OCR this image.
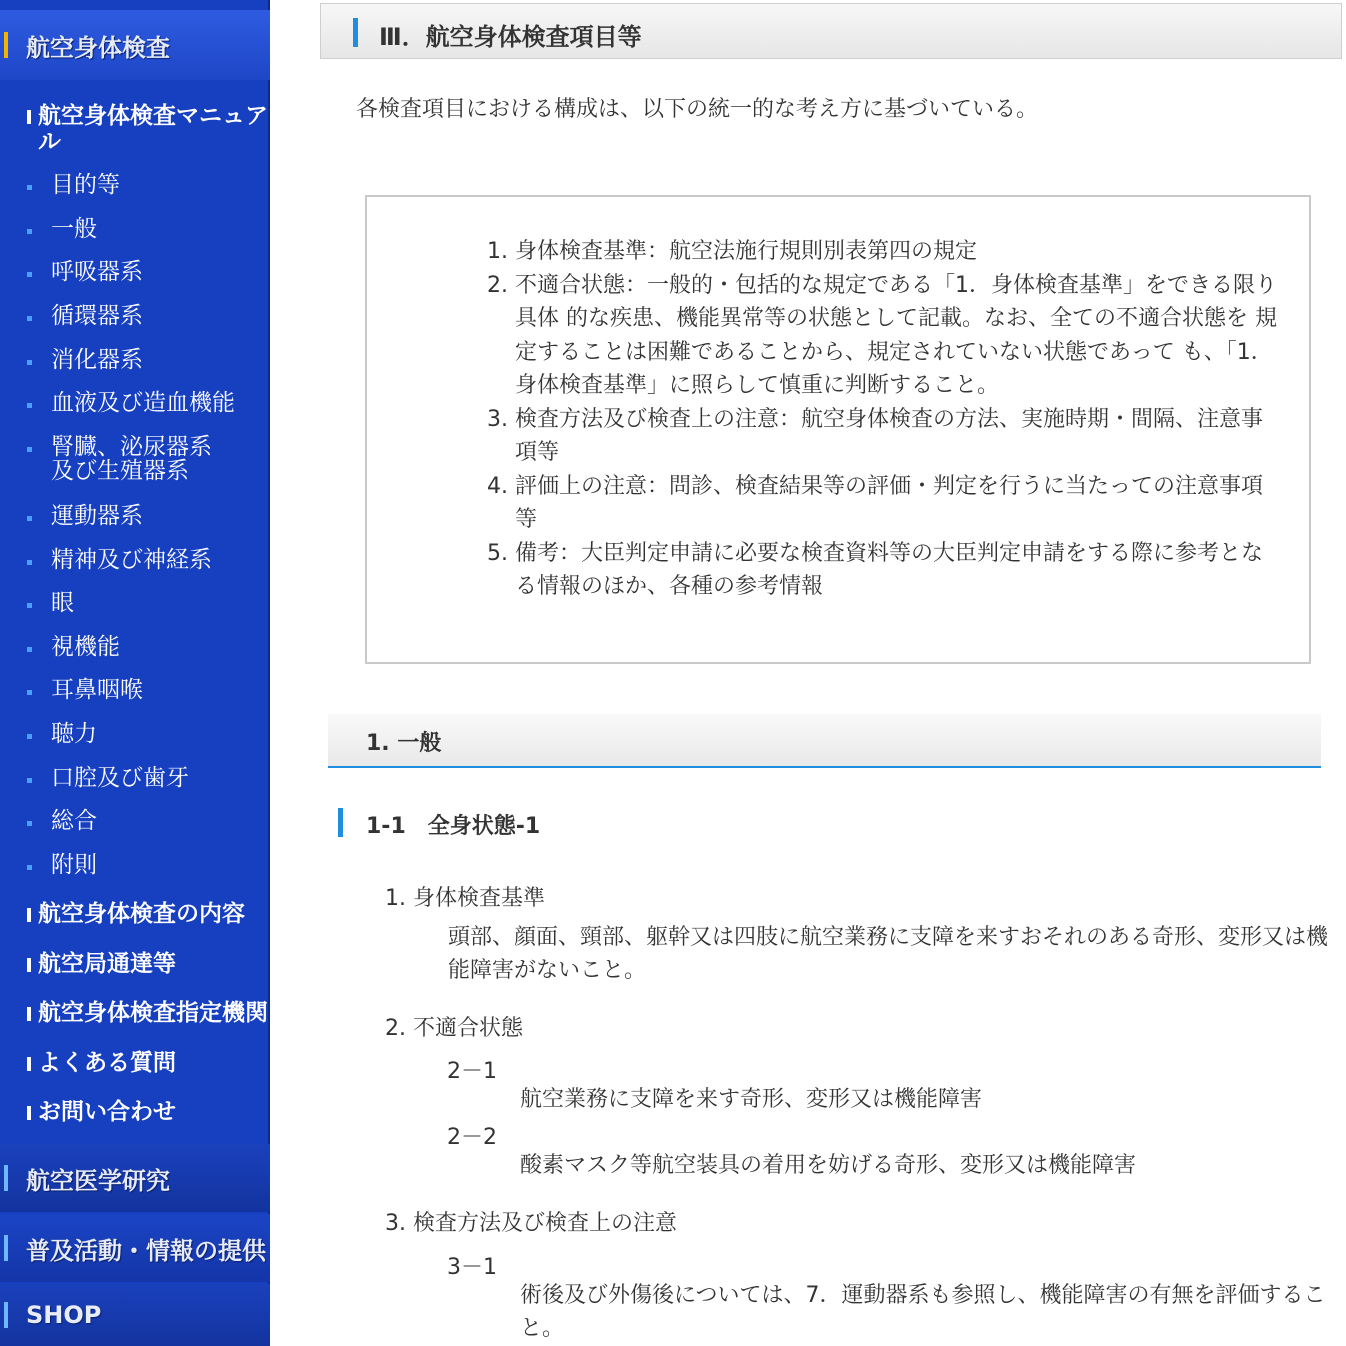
航空身体検査
航空身体検査マニュアル
目的等
一般
呼吸器系
循環器系
消化器系
血液及び造血機能
腎臓、泌尿器系
及び生殖器系
運動器系
精神及び神経系
眼
視機能
耳鼻咽喉
聴力
口腔及び歯牙
総合
附則
航空身体検査の内容
航空局通達等
航空身体検査指定機関
よくある質問
お問い合わせ
航空医学研究
普及活動・情報の提供
SHOP
Ⅲ．航空身体検査項目等
各検査項目における構成は、以下の統一的な考え方に基づいている。
1. 身体検査基準：航空法施行規則別表第四の規定
2. 不適合状態：一般的・包括的な規定である「1．身体検査基準」をできる限り具体 的な疾患、機能異常等の状態として記載。なお、全ての不適合状態を 規定することは困難であることから、規定されていない状態であって も、「1．身体検査基準」に照らして慎重に判断すること。
3. 検査方法及び検査上の注意：航空身体検査の方法、実施時期・間隔、注意事項等
4. 評価上の注意：問診、検査結果等の評価・判定を行うに当たっての注意事項等
5. 備考：大臣判定申請に必要な検査資料等の大臣判定申請をする際に参考となる情報のほか、各種の参考情報
1. 一般
1-1　全身状態-1
1. 身体検査基準
頭部、顔面、頸部、躯幹又は四肢に航空業務に支障を来すおそれのある奇形、変形又は機能障害がないこと。
2. 不適合状態
2－1
航空業務に支障を来す奇形、変形又は機能障害
2－2
酸素マスク等航空装具の着用を妨げる奇形、変形又は機能障害
3. 検査方法及び検査上の注意
3－1
術後及び外傷後については、7．運動器系も参照し、機能障害の有無を評価すること。
